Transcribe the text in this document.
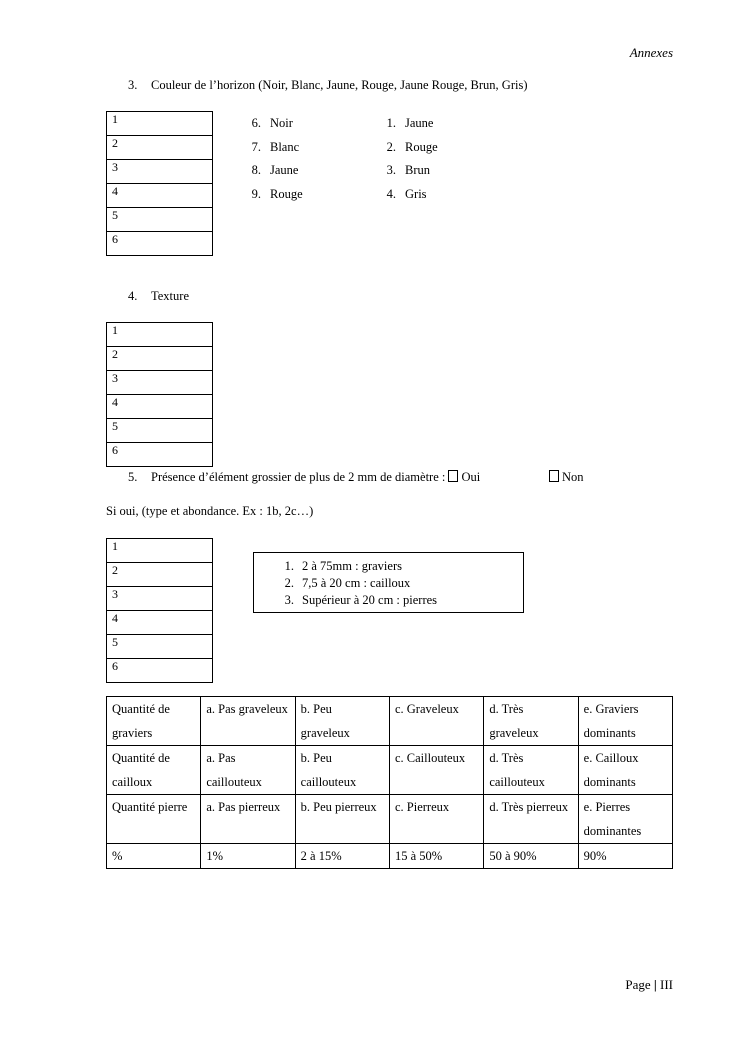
Annexes
3. Couleur de l’horizon (Noir, Blanc, Jaune, Rouge, Jaune Rouge, Brun, Gris)
1
2
3
4
5
6
6. Noir
7. Blanc
8. Jaune
9. Rouge
1. Jaune
2. Rouge
3. Brun
4. Gris
4. Texture
1
2
3
4
5
6
5. Présence d’élément grossier de plus de 2 mm de diamètre : Oui	Non
Si oui, (type et abondance. Ex : 1b, 2c…)
1
2
3
4
5
6
1. 2 à 75mm : graviers
2. 7,5 à 20 cm : cailloux
3. Supérieur à 20 cm : pierres
Quantité de graviers	a. Pas graveleux	b. Peu graveleux	c. Graveleux	d. Très graveleux	e. Graviers dominants
Quantité de cailloux	a. Pas caillouteux	b. Peu caillouteux	c. Caillouteux	d. Très caillouteux	e. Cailloux dominants
Quantité pierre	a. Pas pierreux	b. Peu pierreux	c. Pierreux	d. Très pierreux	e. Pierres dominantes
%	1%	2 à 15%	15 à 50%	50 à 90%	90%
Page | III
